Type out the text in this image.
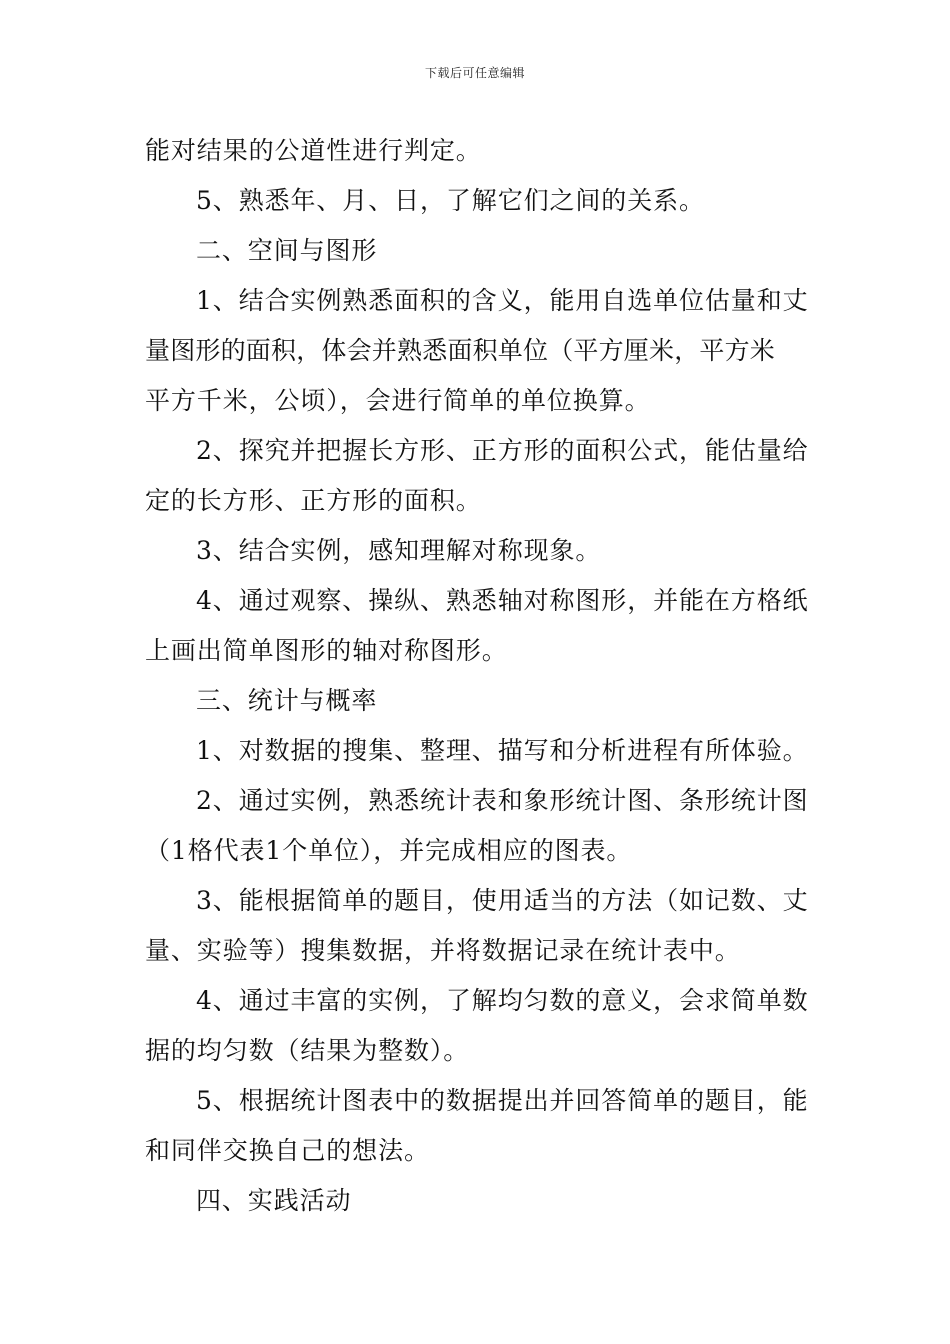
下载后可任意编辑
能对结果的公道性进行判定。
5、熟悉年、月、日，了解它们之间的关系。
二、空间与图形
1、结合实例熟悉面积的含义，能用自选单位估量和丈
量图形的面积，体会并熟悉面积单位（平方厘米，平方米
平方千米，公顷），会进行简单的单位换算。
2、探究并把握长方形、正方形的面积公式，能估量给
定的长方形、正方形的面积。
3、结合实例，感知理解对称现象。
4、通过观察、操纵、熟悉轴对称图形，并能在方格纸
上画出简单图形的轴对称图形。
三、统计与概率
1、对数据的搜集、整理、描写和分析进程有所体验。
2、通过实例，熟悉统计表和象形统计图、条形统计图
（1格代表1个单位），并完成相应的图表。
3、能根据简单的题目，使用适当的方法（如记数、丈
量、实验等）搜集数据，并将数据记录在统计表中。
4、通过丰富的实例，了解均匀数的意义，会求简单数
据的均匀数（结果为整数）。
5、根据统计图表中的数据提出并回答简单的题目，能
和同伴交换自己的想法。
四、实践活动
